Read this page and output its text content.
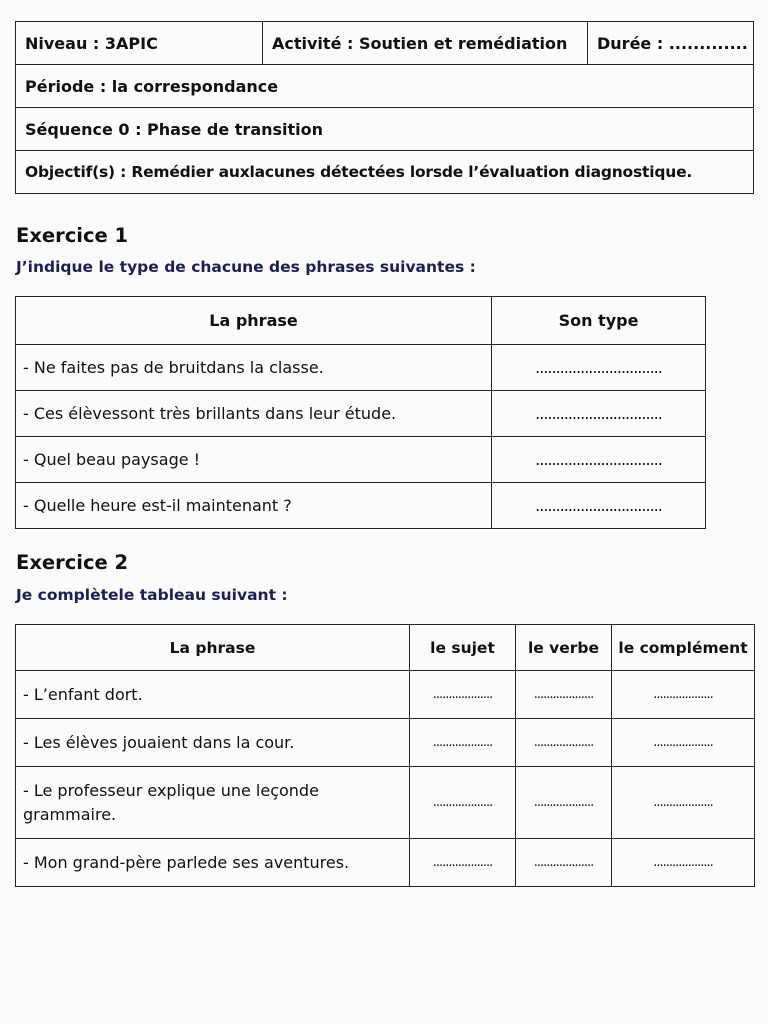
Niveau : 3APIC	Activité : Soutien et remédiation	Durée : .............
Période : la correspondance
Séquence 0 : Phase de transition
Objectif(s) : Remédier auxlacunes détectées lorsde l’évaluation diagnostique.
Exercice 1
J’indique le type de chacune des phrases suivantes :
La phrase	Son type
- Ne faites pas de bruitdans la classe.	...............................
- Ces élèvessont très brillants dans leur étude.	...............................
- Quel beau paysage !	...............................
- Quelle heure est-il maintenant ?	...............................
Exercice 2
Je complètele tableau suivant :
La phrase	le sujet	le verbe	le complément
- L’enfant dort.	...................	...................	...................
- Les élèves jouaient dans la cour.	...................	...................	...................
- Le professeur explique une leçonde grammaire.	...................	...................	...................
- Mon grand-père parlede ses aventures.	...................	...................	...................
